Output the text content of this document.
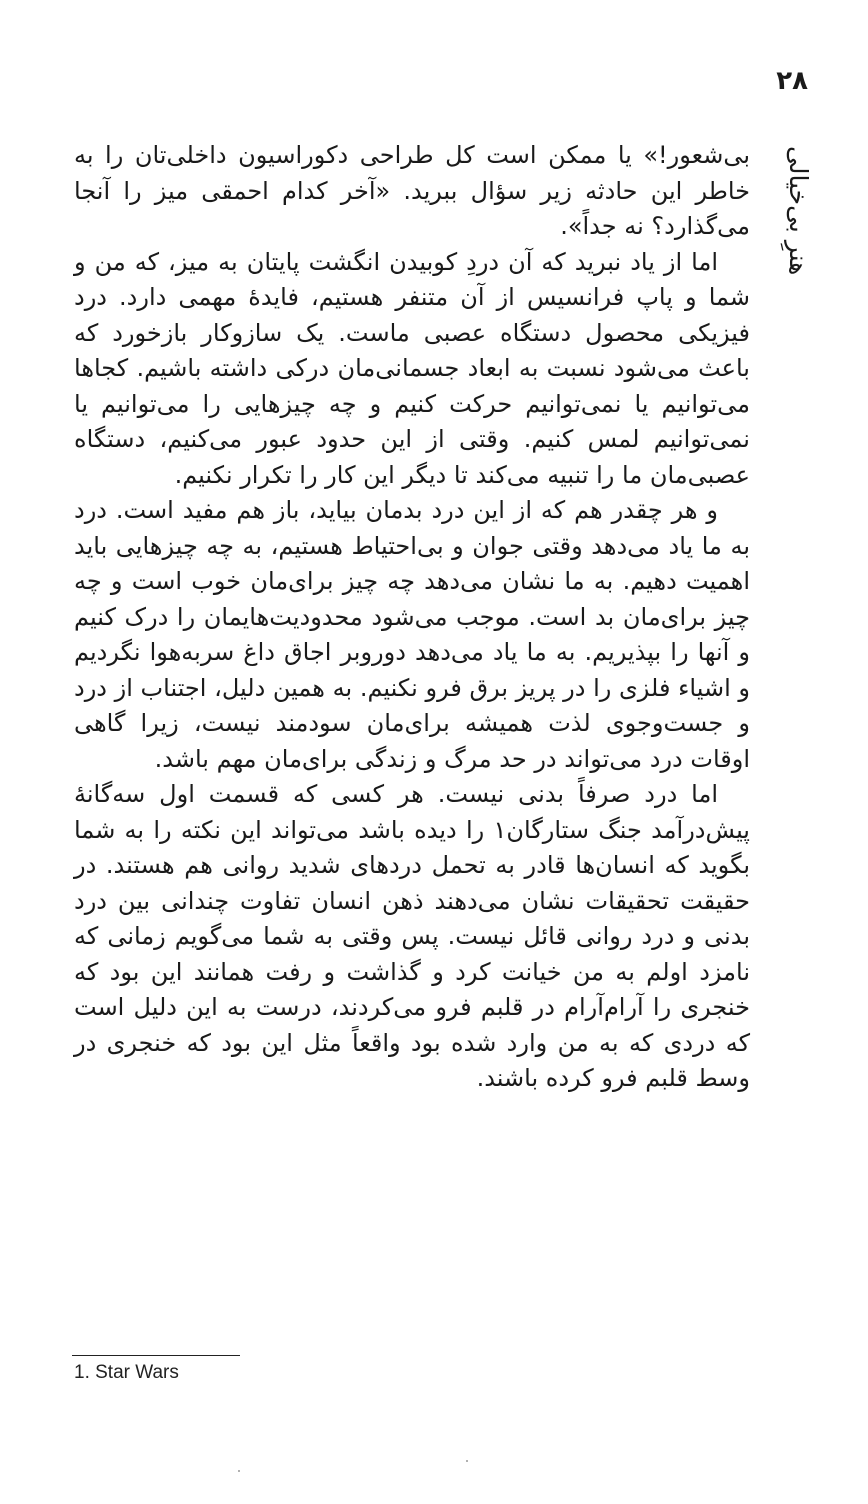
۲۸
هنرِ بی‌خیالی

بی‌شعور!» یا ممکن است کل طراحی دکوراسیون داخلی‌تان را به خاطر این حادثه زیر سؤال ببرید. «آخر کدام احمقی میز را آنجا می‌گذارد؟ نه جداً».

اما از یاد نبرید که آن دردِ کوبیدن انگشت پایتان به میز، که من و شما و پاپ فرانسیس از آن متنفر هستیم، فایدهٔ مهمی دارد. درد فیزیکی محصول دستگاه عصبی ماست. یک سازوکار بازخورد که باعث می‌شود نسبت به ابعاد جسمانی‌مان درکی داشته باشیم. کجاها می‌توانیم یا نمی‌توانیم حرکت کنیم و چه چیزهایی را می‌توانیم یا نمی‌توانیم لمس کنیم. وقتی از این حدود عبور می‌کنیم، دستگاه عصبی‌مان ما را تنبیه می‌کند تا دیگر این کار را تکرار نکنیم.

و هر چقدر هم که از این درد بدمان بیاید، باز هم مفید است. درد به ما یاد می‌دهد وقتی جوان و بی‌احتیاط هستیم، به چه چیزهایی باید اهمیت دهیم. به ما نشان می‌دهد چه چیز برای‌مان خوب است و چه چیز برای‌مان بد است. موجب می‌شود محدودیت‌هایمان را درک کنیم و آنها را بپذیریم. به ما یاد می‌دهد دوروبر اجاق داغ سربه‌هوا نگردیم و اشیاء فلزی را در پریز برق فرو نکنیم. به همین دلیل، اجتناب از درد و جست‌وجوی لذت همیشه برای‌مان سودمند نیست، زیرا گاهی اوقات درد می‌تواند در حد مرگ و زندگی برای‌مان مهم باشد.

اما درد صرفاً بدنی نیست. هر کسی که قسمت اول سه‌گانهٔ پیش‌درآمد جنگ ستارگان۱ را دیده باشد می‌تواند این نکته را به شما بگوید که انسان‌ها قادر به تحمل دردهای شدید روانی هم هستند. در حقیقت تحقیقات نشان می‌دهند ذهن انسان تفاوت چندانی بین درد بدنی و درد روانی قائل نیست. پس وقتی به شما می‌گویم زمانی که نامزد اولم به من خیانت کرد و گذاشت و رفت همانند این بود که خنجری را آرام‌آرام در قلبم فرو می‌کردند، درست به این دلیل است که دردی که به من وارد شده بود واقعاً مثل این بود که خنجری در وسط قلبم فرو کرده باشند.

1. Star Wars
